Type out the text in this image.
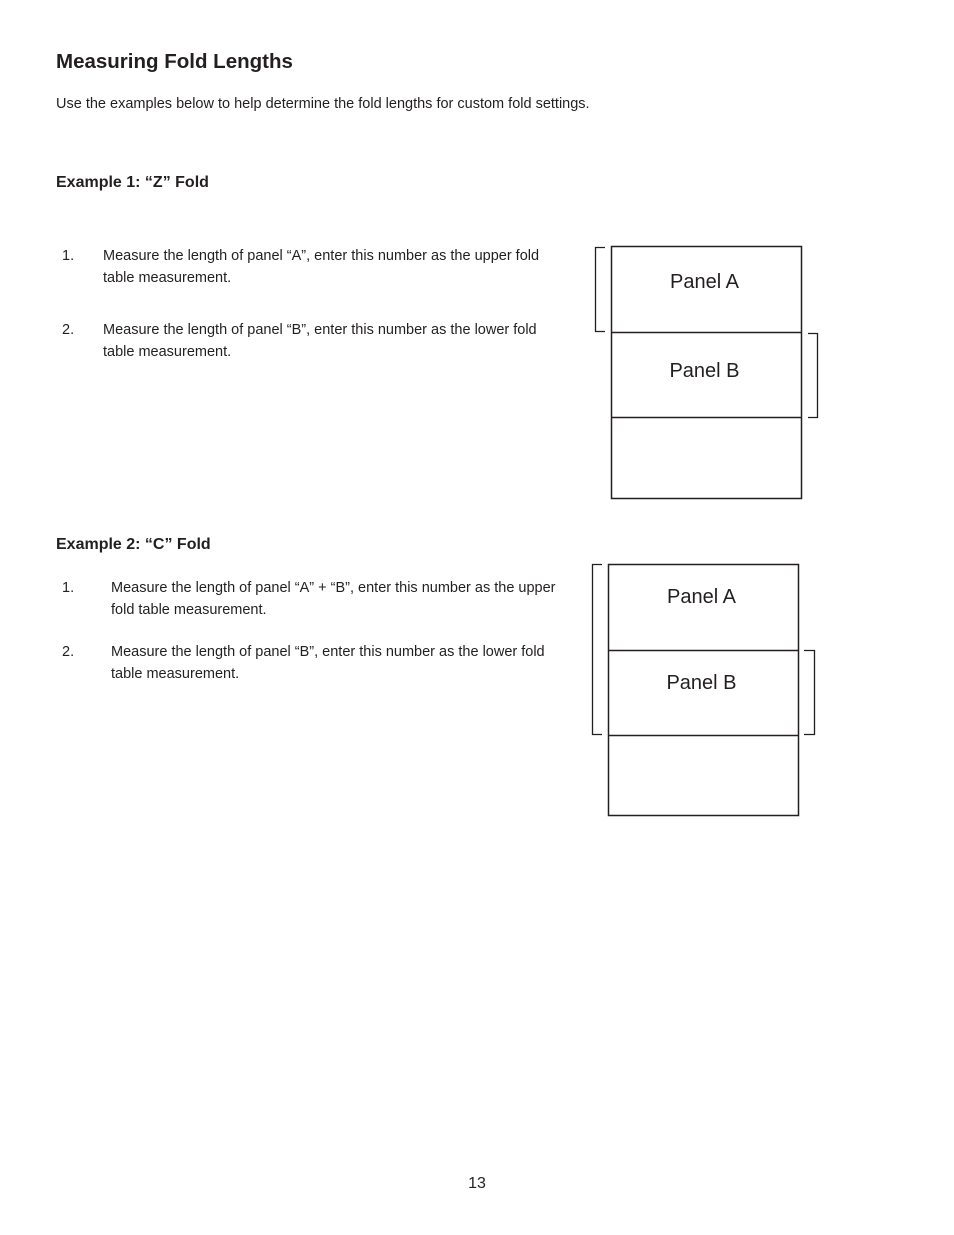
Measuring Fold Lengths
Use the examples below to help determine the fold lengths for custom fold settings.
Example 1: “Z” Fold
1. Measure the length of panel “A”, enter this number as the upper fold table measurement.
2. Measure the length of panel “B”, enter this number as the lower fold table measurement.
Panel A
Panel B
Example 2: “C” Fold
1.	Measure the length of panel “A” + “B”, enter this number as the upper fold table measurement.
2.	Measure the length of panel “B”, enter this number as the lower fold table measurement.
Panel A
Panel B
13
